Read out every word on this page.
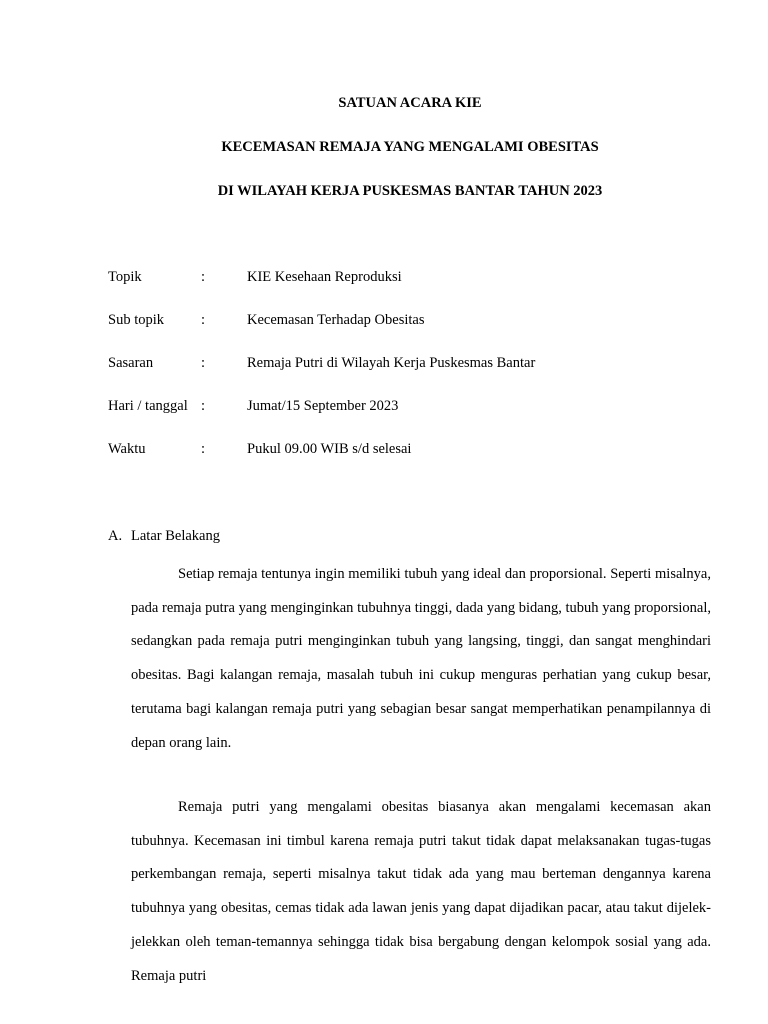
SATUAN ACARA KIE
KECEMASAN REMAJA YANG MENGALAMI OBESITAS
DI WILAYAH KERJA PUSKESMAS BANTAR TAHUN 2023
Topik	:	KIE Kesehaan Reproduksi
Sub topik	:	Kecemasan Terhadap Obesitas
Sasaran	:	Remaja Putri di Wilayah Kerja Puskesmas Bantar
Hari / tanggal :	Jumat/15 September 2023
Waktu	:	Pukul 09.00 WIB s/d selesai
A. Latar Belakang

Setiap remaja tentunya ingin memiliki tubuh yang ideal dan proporsional. Seperti misalnya, pada remaja putra yang menginginkan tubuhnya tinggi, dada yang bidang, tubuh yang proporsional, sedangkan pada remaja putri menginginkan tubuh yang langsing, tinggi, dan sangat menghindari obesitas. Bagi kalangan remaja, masalah tubuh ini cukup menguras perhatian yang cukup besar, terutama bagi kalangan remaja putri yang sebagian besar sangat memperhatikan penampilannya di depan orang lain.

Remaja putri yang mengalami obesitas biasanya akan mengalami kecemasan akan tubuhnya. Kecemasan ini timbul karena remaja putri takut tidak dapat melaksanakan tugas-tugas perkembangan remaja, seperti misalnya takut tidak ada yang mau berteman dengannya karena tubuhnya yang obesitas, cemas tidak ada lawan jenis yang dapat dijadikan pacar, atau takut dijelek-jelekkan oleh teman-temannya sehingga tidak bisa bergabung dengan kelompok sosial yang ada. Remaja putri
